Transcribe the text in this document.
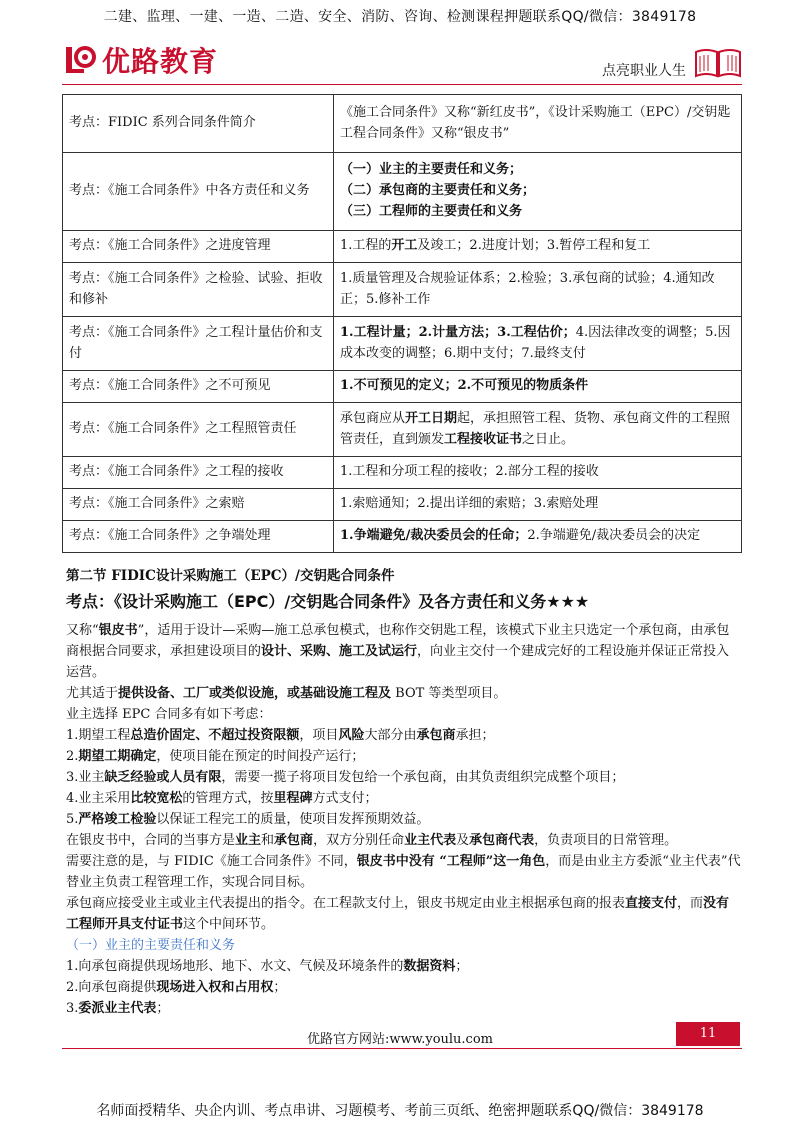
二建、监理、一建、一造、二造、安全、消防、咨询、检测课程押题联系QQ/微信：3849178
优路教育	点亮职业人生
考点：FIDIC 系列合同条件简介	《施工合同条件》又称“新红皮书”，《设计采购施工（EPC）/交钥匙工程合同条件》又称“银皮书”
考点：《施工合同条件》中各方责任和义务	（一）业主的主要责任和义务；
（二）承包商的主要责任和义务；
（三）工程师的主要责任和义务

考点：《施工合同条件》之进度管理	1.工程的开工及竣工；2.进度计划；3.暂停工程和复工
考点：《施工合同条件》之检验、试验、拒收和修补	1.质量管理及合规验证体系；2.检验；3.承包商的试验；4.通知改正；5.修补工作
考点：《施工合同条件》之工程计量估价和支付	1.工程计量；2.计量方法；3.工程估价；4.因法律改变的调整；5.因成本改变的调整；6.期中支付；7.最终支付
考点：《施工合同条件》之不可预见	1.不可预见的定义；2.不可预见的物质条件
考点：《施工合同条件》之工程照管责任	承包商应从开工日期起，承担照管工程、货物、承包商文件的工程照管责任，直到颁发工程接收证书之日止。
考点：《施工合同条件》之工程的接收	1.工程和分项工程的接收；2.部分工程的接收
考点：《施工合同条件》之索赔	1.索赔通知；2.提出详细的索赔；3.索赔处理
考点：《施工合同条件》之争端处理	1.争端避免/裁决委员会的任命；2.争端避免/裁决委员会的决定
第二节 FIDIC设计采购施工（EPC）/交钥匙合同条件
考点：《设计采购施工（EPC）/交钥匙合同条件》及各方责任和义务★★★

又称“银皮书”，适用于设计—采购—施工总承包模式，也称作交钥匙工程，该模式下业主只选定一个承包商，由承包商根据合同要求，承担建设项目的设计、采购、施工及试运行，向业主交付一个建成完好的工程设施并保证正常投入运营。

尤其适于提供设备、工厂或类似设施，或基础设施工程及 BOT 等类型项目。

业主选择 EPC 合同多有如下考虑：

1.期望工程总造价固定、不超过投资限额，项目风险大部分由承包商承担；

2.期望工期确定，使项目能在预定的时间投产运行；

3.业主缺乏经验或人员有限，需要一揽子将项目发包给一个承包商，由其负责组织完成整个项目；

4.业主采用比较宽松的管理方式，按里程碑方式支付；

5.严格竣工检验以保证工程完工的质量，使项目发挥预期效益。

在银皮书中，合同的当事方是业主和承包商，双方分别任命业主代表及承包商代表，负责项目的日常管理。

需要注意的是，与 FIDIC《施工合同条件》不同，银皮书中没有 “工程师”这一角色，而是由业主方委派“业主代表”代替业主负责工程管理工作，实现合同目标。

承包商应接受业主或业主代表提出的指令。在工程款支付上，银皮书规定由业主根据承包商的报表直接支付，而没有工程师开具支付证书这个中间环节。

（一）业主的主要责任和义务

1.向承包商提供现场地形、地下、水文、气候及环境条件的数据资料；

2.向承包商提供现场进入权和占用权；

3.委派业主代表；

优路官方网站:www.youlu.com	11
名师面授精华、央企内训、考点串讲、习题模考、考前三页纸、绝密押题联系QQ/微信：3849178
